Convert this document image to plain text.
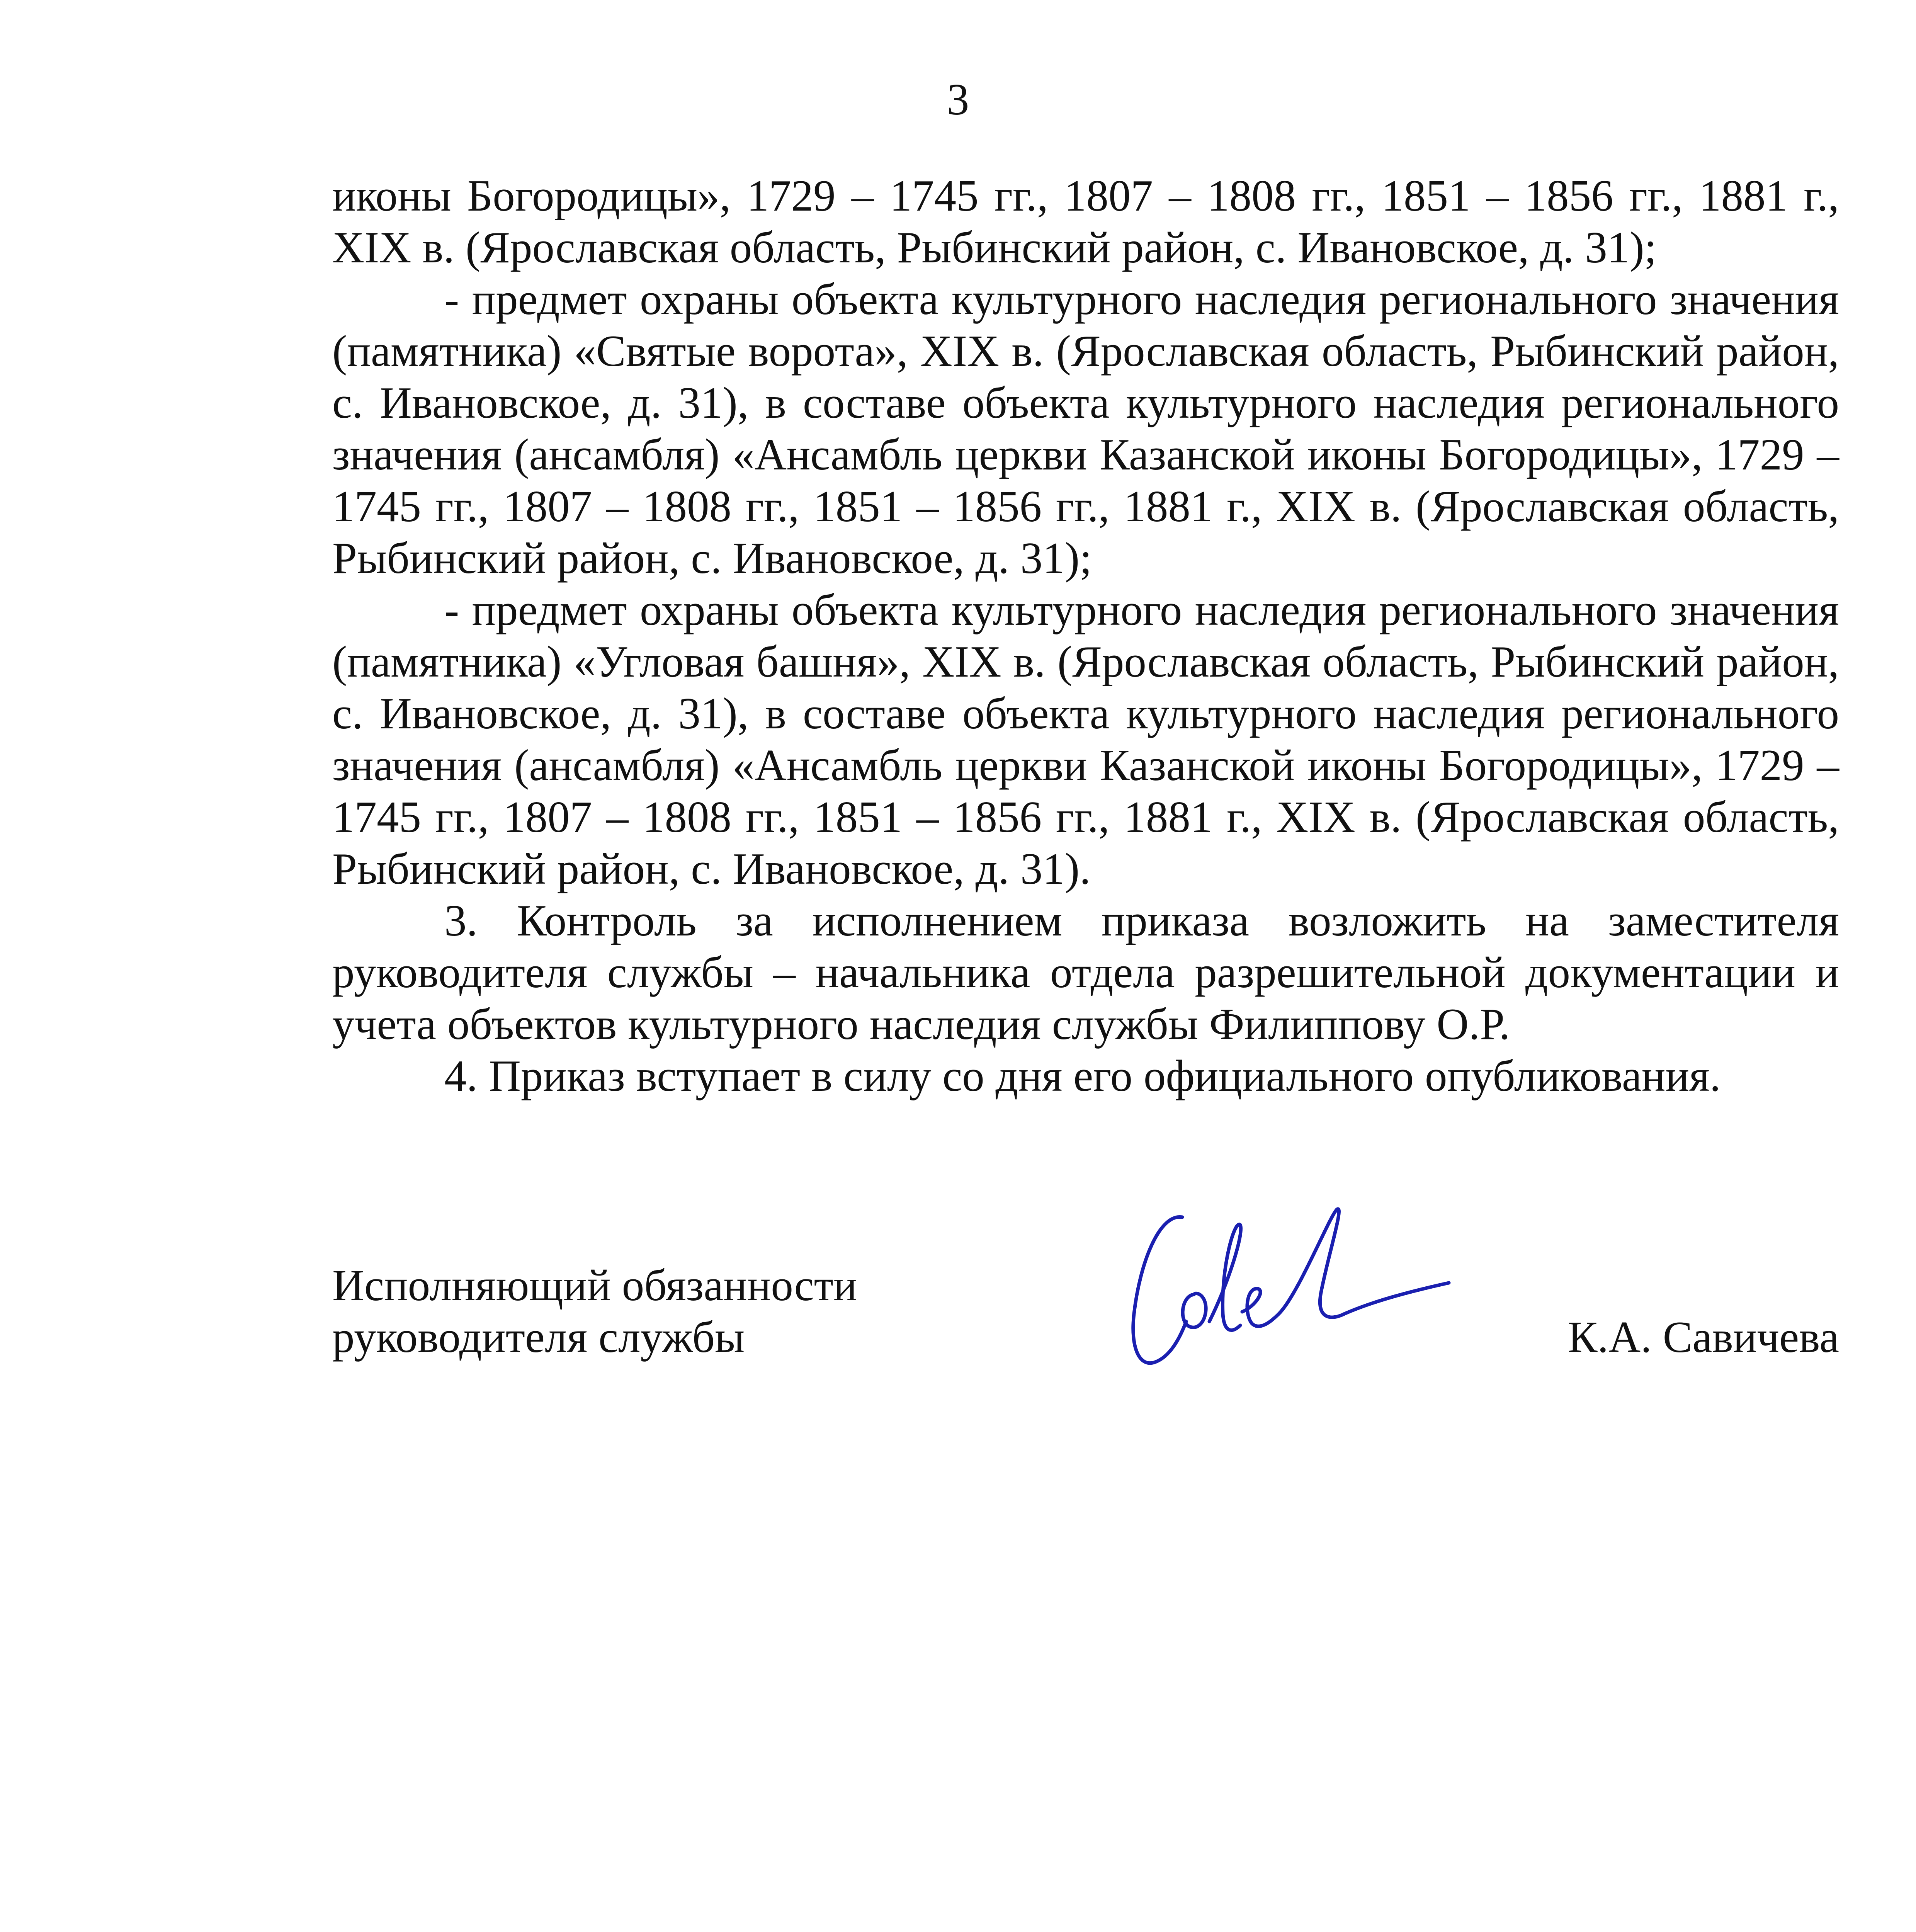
3

иконы Богородицы», 1729 – 1745 гг., 1807 – 1808 гг., 1851 – 1856 гг., 1881 г., XIX в. (Ярославская область, Рыбинский район, с. Ивановское, д. 31);

- предмет охраны объекта культурного наследия регионального значения (памятника) «Святые ворота», XIX в. (Ярославская область, Рыбинский район, с. Ивановское, д. 31), в составе объекта культурного наследия регионального значения (ансамбля) «Ансамбль церкви Казанской иконы Богородицы», 1729 – 1745 гг., 1807 – 1808 гг., 1851 – 1856 гг., 1881 г., XIX в. (Ярославская область, Рыбинский район, с. Ивановское, д. 31);

- предмет охраны объекта культурного наследия регионального значения (памятника) «Угловая башня», XIX в. (Ярославская область, Рыбинский район, с. Ивановское, д. 31), в составе объекта культурного наследия регионального значения (ансамбля) «Ансамбль церкви Казанской иконы Богородицы», 1729 – 1745 гг., 1807 – 1808 гг., 1851 – 1856 гг., 1881 г., XIX в. (Ярославская область, Рыбинский район, с. Ивановское, д. 31).

3. Контроль за исполнением приказа возложить на заместителя руководителя службы – начальника отдела разрешительной документации и учета объектов культурного наследия службы Филиппову О.Р.

4. Приказ вступает в силу со дня его официального опубликования.

Исполняющий обязанности
руководителя службы	К.А. Савичева
